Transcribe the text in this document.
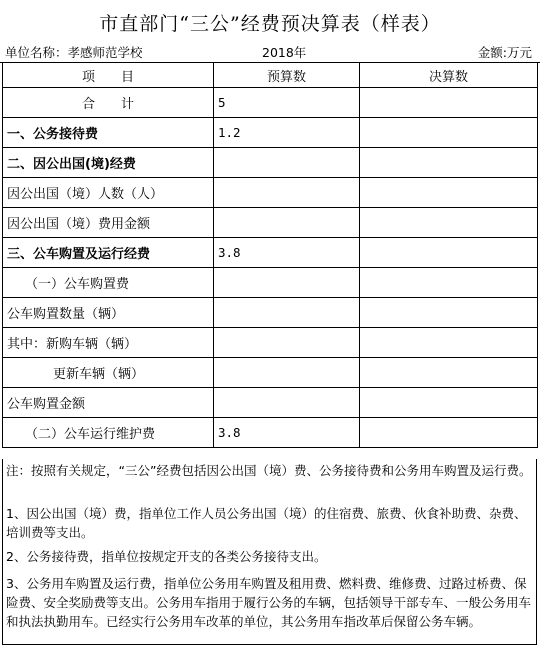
市直部门“三公”经费预决算表（样表）
单位名称：孝感师范学校	2018年	金额:万元
项　　目	预算数	决算数
合　　计	5	
一、公务接待费	1.2	
二、因公出国(境)经费		
因公出国（境）人数（人）		
因公出国（境）费用金额		
三、公车购置及运行经费	3.8	
（一）公车购置费		
公车购置数量（辆）		
其中：新购车辆（辆）		
更新车辆（辆）		
公车购置金额		
（二）公车运行维护费	3.8	
注：按照有关规定，“三公”经费包括因公出国（境）费、公务接待费和公务用车购置及运行费。
1、因公出国（境）费，指单位工作人员公务出国（境）的住宿费、旅费、伙食补助费、杂费、培训费等支出。
2、公务接待费，指单位按规定开支的各类公务接待支出。
3、公务用车购置及运行费，指单位公务用车购置及租用费、燃料费、维修费、过路过桥费、保险费、安全奖励费等支出。公务用车指用于履行公务的车辆，包括领导干部专车、一般公务用车和执法执勤用车。已经实行公务用车改革的单位，其公务用车指改革后保留公务车辆。
